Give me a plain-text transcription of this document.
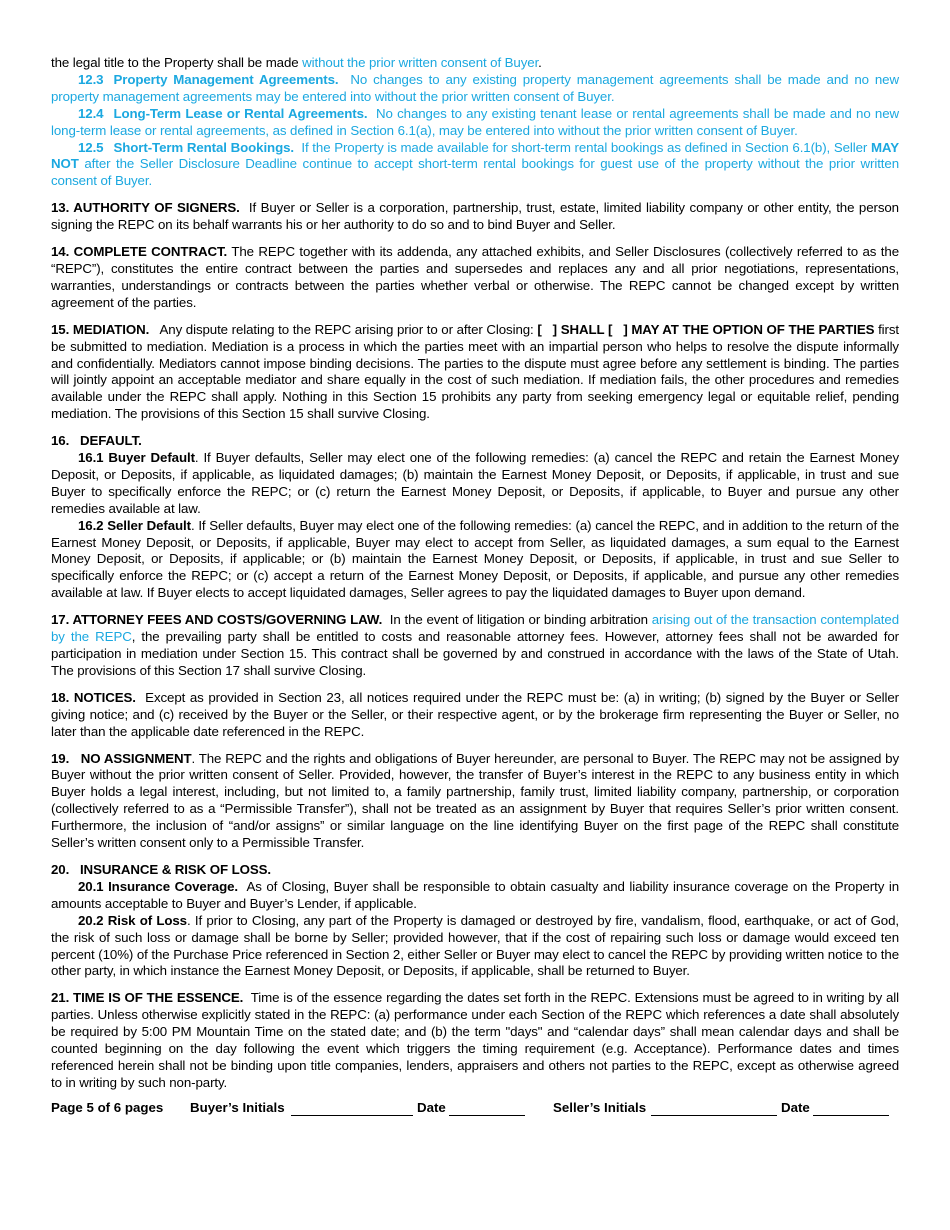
the legal title to the Property shall be made without the prior written consent of Buyer.

12.3 Property Management Agreements. No changes to any existing property management agreements shall be made and no new property management agreements may be entered into without the prior written consent of Buyer.

12.4 Long-Term Lease or Rental Agreements. No changes to any existing tenant lease or rental agreements shall be made and no new long-term lease or rental agreements, as defined in Section 6.1(a), may be entered into without the prior written consent of Buyer.

12.5 Short-Term Rental Bookings. If the Property is made available for short-term rental bookings as defined in Section 6.1(b), Seller MAY NOT after the Seller Disclosure Deadline continue to accept short-term rental bookings for guest use of the property without the prior written consent of Buyer.

13. AUTHORITY OF SIGNERS. If Buyer or Seller is a corporation, partnership, trust, estate, limited liability company or other entity, the person signing the REPC on its behalf warrants his or her authority to do so and to bind Buyer and Seller.

14. COMPLETE CONTRACT. The REPC together with its addenda, any attached exhibits, and Seller Disclosures (collectively referred to as the “REPC”), constitutes the entire contract between the parties and supersedes and replaces any and all prior negotiations, representations, warranties, understandings or contracts between the parties whether verbal or otherwise. The REPC cannot be changed except by written agreement of the parties.

15. MEDIATION. Any dispute relating to the REPC arising prior to or after Closing: [   ] SHALL [   ] MAY AT THE OPTION OF THE PARTIES first be submitted to mediation. Mediation is a process in which the parties meet with an impartial person who helps to resolve the dispute informally and confidentially. Mediators cannot impose binding decisions. The parties to the dispute must agree before any settlement is binding. The parties will jointly appoint an acceptable mediator and share equally in the cost of such mediation. If mediation fails, the other procedures and remedies available under the REPC shall apply. Nothing in this Section 15 prohibits any party from seeking emergency legal or equitable relief, pending mediation. The provisions of this Section 15 shall survive Closing.

16.   DEFAULT.

16.1 Buyer Default. If Buyer defaults, Seller may elect one of the following remedies: (a) cancel the REPC and retain the Earnest Money Deposit, or Deposits, if applicable, as liquidated damages; (b) maintain the Earnest Money Deposit, or Deposits, if applicable, in trust and sue Buyer to specifically enforce the REPC; or (c) return the Earnest Money Deposit, or Deposits, if applicable, to Buyer and pursue any other remedies available at law.

16.2 Seller Default. If Seller defaults, Buyer may elect one of the following remedies: (a) cancel the REPC, and in addition to the return of the Earnest Money Deposit, or Deposits, if applicable, Buyer may elect to accept from Seller, as liquidated damages, a sum equal to the Earnest Money Deposit, or Deposits, if applicable; or (b) maintain the Earnest Money Deposit, or Deposits, if applicable, in trust and sue Seller to specifically enforce the REPC; or (c) accept a return of the Earnest Money Deposit, or Deposits, if applicable, and pursue any other remedies available at law. If Buyer elects to accept liquidated damages, Seller agrees to pay the liquidated damages to Buyer upon demand.

17. ATTORNEY FEES AND COSTS/GOVERNING LAW. In the event of litigation or binding arbitration arising out of the transaction contemplated by the REPC, the prevailing party shall be entitled to costs and reasonable attorney fees. However, attorney fees shall not be awarded for participation in mediation under Section 15. This contract shall be governed by and construed in accordance with the laws of the State of Utah. The provisions of this Section 17 shall survive Closing.

18. NOTICES. Except as provided in Section 23, all notices required under the REPC must be: (a) in writing; (b) signed by the Buyer or Seller giving notice; and (c) received by the Buyer or the Seller, or their respective agent, or by the brokerage firm representing the Buyer or Seller, no later than the applicable date referenced in the REPC.

19.   NO ASSIGNMENT. The REPC and the rights and obligations of Buyer hereunder, are personal to Buyer. The REPC may not be assigned by Buyer without the prior written consent of Seller. Provided, however, the transfer of Buyer’s interest in the REPC to any business entity in which Buyer holds a legal interest, including, but not limited to, a family partnership, family trust, limited liability company, partnership, or corporation (collectively referred to as a “Permissible Transfer”), shall not be treated as an assignment by Buyer that requires Seller’s prior written consent. Furthermore, the inclusion of “and/or assigns” or similar language on the line identifying Buyer on the first page of the REPC shall constitute Seller’s written consent only to a Permissible Transfer.

20.   INSURANCE & RISK OF LOSS.

20.1 Insurance Coverage. As of Closing, Buyer shall be responsible to obtain casualty and liability insurance coverage on the Property in amounts acceptable to Buyer and Buyer’s Lender, if applicable.

20.2 Risk of Loss. If prior to Closing, any part of the Property is damaged or destroyed by fire, vandalism, flood, earthquake, or act of God, the risk of such loss or damage shall be borne by Seller; provided however, that if the cost of repairing such loss or damage would exceed ten percent (10%) of the Purchase Price referenced in Section 2, either Seller or Buyer may elect to cancel the REPC by providing written notice to the other party, in which instance the Earnest Money Deposit, or Deposits, if applicable, shall be returned to Buyer.

21. TIME IS OF THE ESSENCE. Time is of the essence regarding the dates set forth in the REPC. Extensions must be agreed to in writing by all parties. Unless otherwise explicitly stated in the REPC: (a) performance under each Section of the REPC which references a date shall absolutely be required by 5:00 PM Mountain Time on the stated date; and (b) the term "days" and “calendar days” shall mean calendar days and shall be counted beginning on the day following the event which triggers the timing requirement (e.g. Acceptance). Performance dates and times referenced herein shall not be binding upon title companies, lenders, appraisers and others not parties to the REPC, except as otherwise agreed to in writing by such non-party.

Page 5 of 6 pages Buyer’s Initials	Date	Seller’s Initials	Date
